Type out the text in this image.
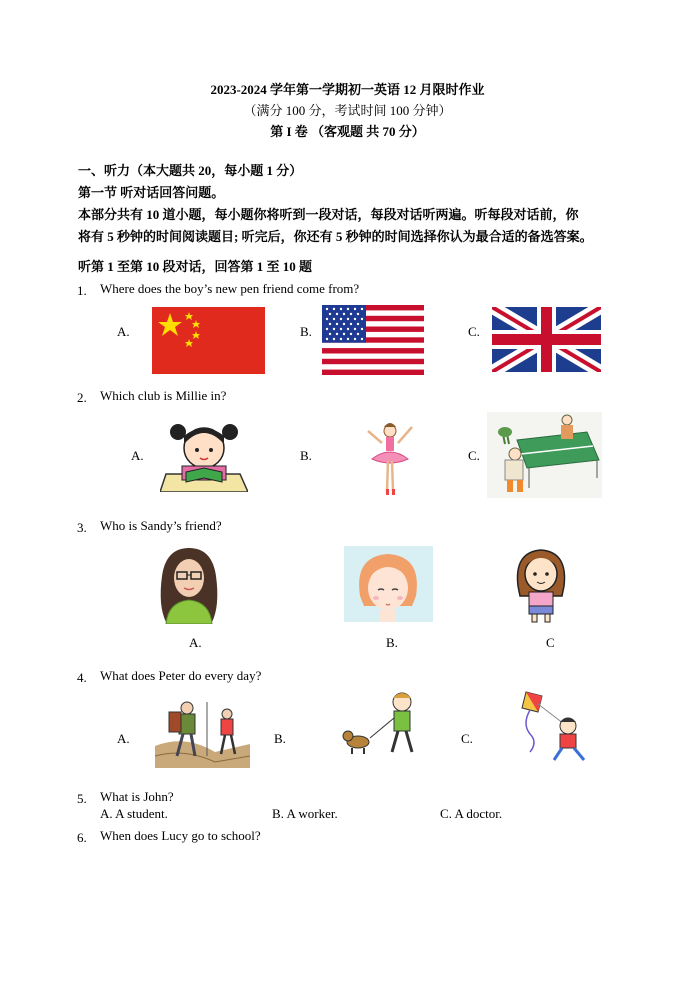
2023-2024 学年第一学期初一英语 12 月限时作业
（满分 100 分，考试时间 100 分钟）
第 I 卷 （客观题 共 70 分）
一、听力（本大题共 20，每小题 1 分）
第一节 听对话回答问题。
本部分共有 10 道小题，每小题你将听到一段对话，每段对话听两遍。听每段对话前，你
将有 5 秒钟的时间阅读题目; 听完后，你还有 5 秒钟的时间选择你认为最合适的备选答案。
听第 1 至第 10 段对话，回答第 1 至 10 题
1. Where does the boy’s new pen friend come from?
A.	B.	C.
2. Which club is Millie in?
A.	B.	C.
3. Who is Sandy’s friend?
A.	B.	C
4. What does Peter do every day?
A.	B.	C.
5. What is John?
A. A student.	B. A worker.	C. A doctor.
6. When does Lucy go to school?
